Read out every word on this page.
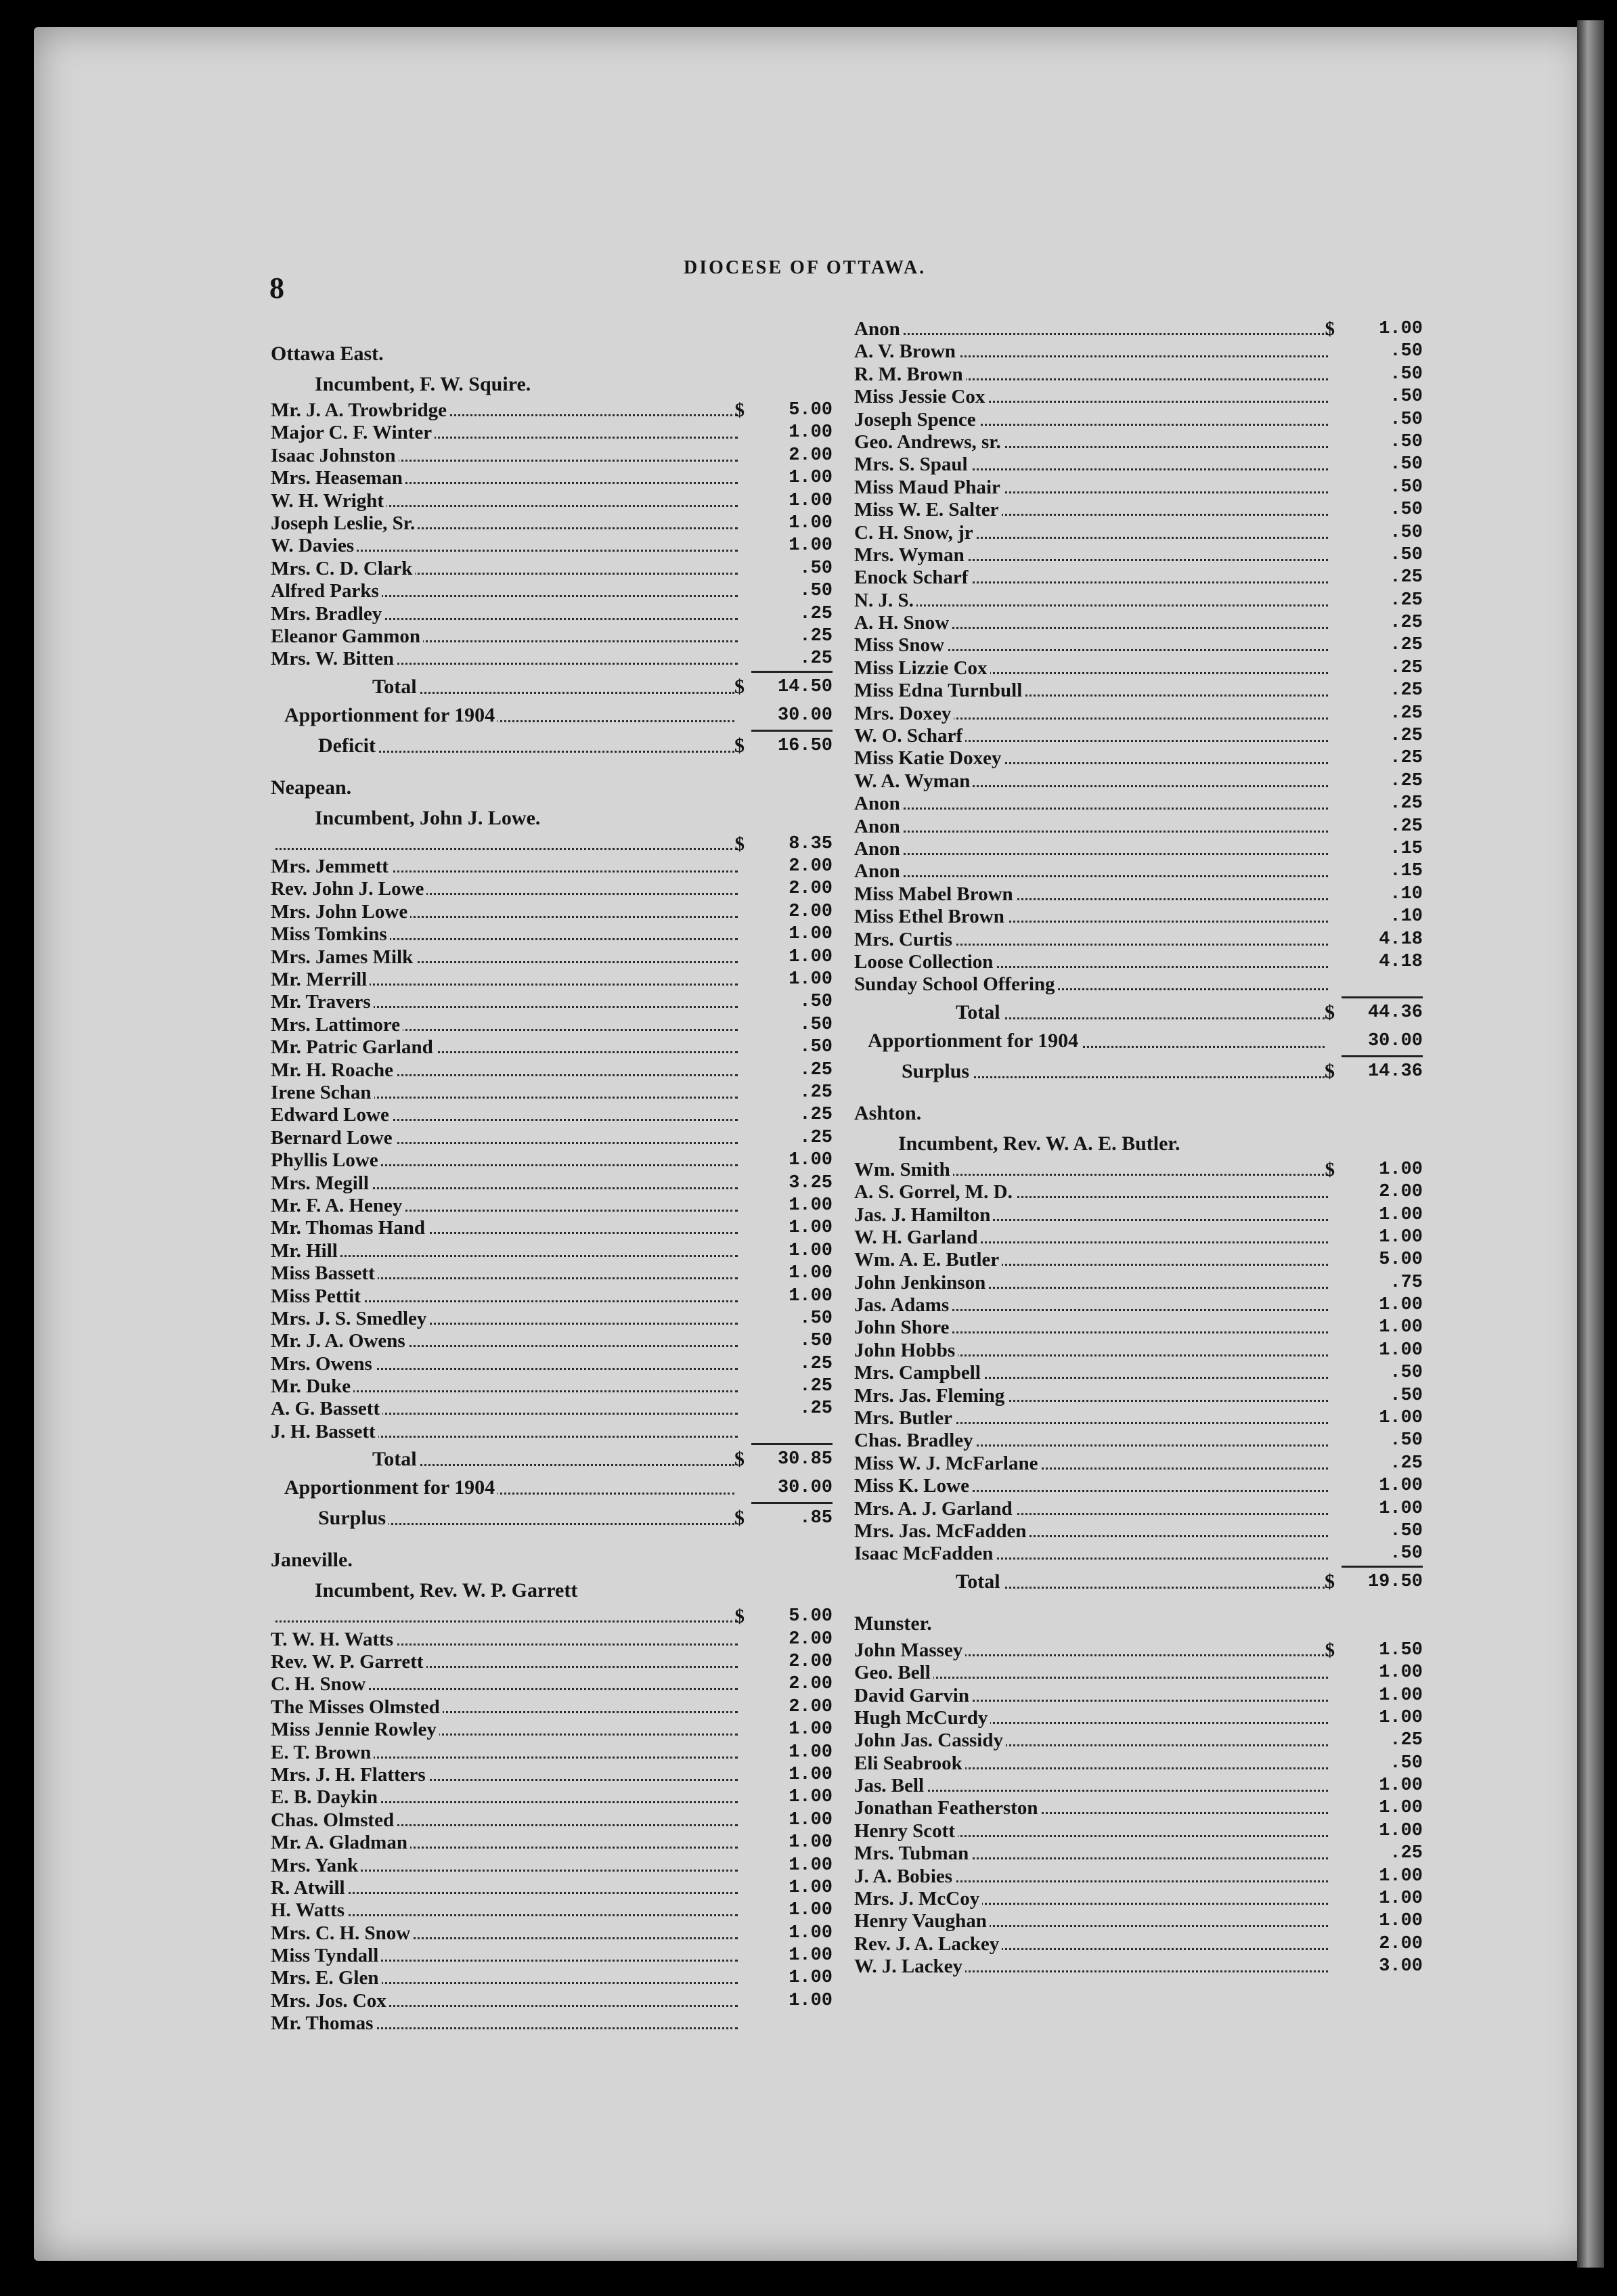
8
DIOCESE OF OTTAWA.
Ottawa East.
Incumbent, F. W. Squire.
Mr. J. A. Trowbridge	$	5.00
Major C. F. Winter	1.00
Isaac Johnston	2.00
Mrs. Heaseman	1.00
W. H. Wright	1.00
Joseph Leslie, Sr.	1.00
W. Davies	1.00
Mrs. C. D. Clark	.50
Alfred Parks	.50
Mrs. Bradley	.25
Eleanor Gammon	.25
Mrs. W. Bitten	.25
Total	$	14.50
Apportionment for 1904	30.00
Deficit	$	16.50
Neapean.
Incumbent, John J. Lowe.
$	8.35
Mrs. Jemmett	2.00
Rev. John J. Lowe	2.00
Mrs. John Lowe	2.00
Miss Tomkins	1.00
Mrs. James Milk	1.00
Mr. Merrill	1.00
Mr. Travers	.50
Mrs. Lattimore	.50
Mr. Patric Garland	.50
Mr. H. Roache	.25
Irene Schan	.25
Edward Lowe	.25
Bernard Lowe	.25
Phyllis Lowe	1.00
Mrs. Megill	3.25
Mr. F. A. Heney	1.00
Mr. Thomas Hand	1.00
Mr. Hill	1.00
Miss Bassett	1.00
Miss Pettit	1.00
Mrs. J. S. Smedley	.50
Mr. J. A. Owens	.50
Mrs. Owens	.25
Mr. Duke	.25
A. G. Bassett	.25
J. H. Bassett
Total	$	30.85
Apportionment for 1904	30.00
Surplus	$	.85
Janeville.
Incumbent, Rev. W. P. Garrett
$	5.00
T. W. H. Watts	2.00
Rev. W. P. Garrett	2.00
C. H. Snow	2.00
The Misses Olmsted	2.00
Miss Jennie Rowley	1.00
E. T. Brown	1.00
Mrs. J. H. Flatters	1.00
E. B. Daykin	1.00
Chas. Olmsted	1.00
Mr. A. Gladman	1.00
Mrs. Yank	1.00
R. Atwill	1.00
H. Watts	1.00
Mrs. C. H. Snow	1.00
Miss Tyndall	1.00
Mrs. E. Glen	1.00
Mrs. Jos. Cox	1.00
Mr. Thomas
Anon	$	1.00
A. V. Brown	.50
R. M. Brown	.50
Miss Jessie Cox	.50
Joseph Spence	.50
Geo. Andrews, sr.	.50
Mrs. S. Spaul	.50
Miss Maud Phair	.50
Miss W. E. Salter	.50
C. H. Snow, jr	.50
Mrs. Wyman	.50
Enock Scharf	.25
N. J. S.	.25
A. H. Snow	.25
Miss Snow	.25
Miss Lizzie Cox	.25
Miss Edna Turnbull	.25
Mrs. Doxey	.25
W. O. Scharf	.25
Miss Katie Doxey	.25
W. A. Wyman	.25
Anon	.25
Anon	.25
Anon	.15
Anon	.15
Miss Mabel Brown	.10
Miss Ethel Brown	.10
Mrs. Curtis	4.18
Loose Collection	4.18
Sunday School Offering
Total	$	44.36
Apportionment for 1904	30.00
Surplus	$	14.36
Ashton.
Incumbent, Rev. W. A. E. Butler.
Wm. Smith	$	1.00
A. S. Gorrel, M. D.	2.00
Jas. J. Hamilton	1.00
W. H. Garland	1.00
Wm. A. E. Butler	5.00
John Jenkinson	.75
Jas. Adams	1.00
John Shore	1.00
John Hobbs	1.00
Mrs. Campbell	.50
Mrs. Jas. Fleming	.50
Mrs. Butler	1.00
Chas. Bradley	.50
Miss W. J. McFarlane	.25
Miss K. Lowe	1.00
Mrs. A. J. Garland	1.00
Mrs. Jas. McFadden	.50
Isaac McFadden	.50
Total	$	19.50
Munster.
John Massey	$	1.50
Geo. Bell	1.00
David Garvin	1.00
Hugh McCurdy	1.00
John Jas. Cassidy	.25
Eli Seabrook	.50
Jas. Bell	1.00
Jonathan Featherston	1.00
Henry Scott	1.00
Mrs. Tubman	.25
J. A. Bobies	1.00
Mrs. J. McCoy	1.00
Henry Vaughan	1.00
Rev. J. A. Lackey	2.00
W. J. Lackey	3.00
